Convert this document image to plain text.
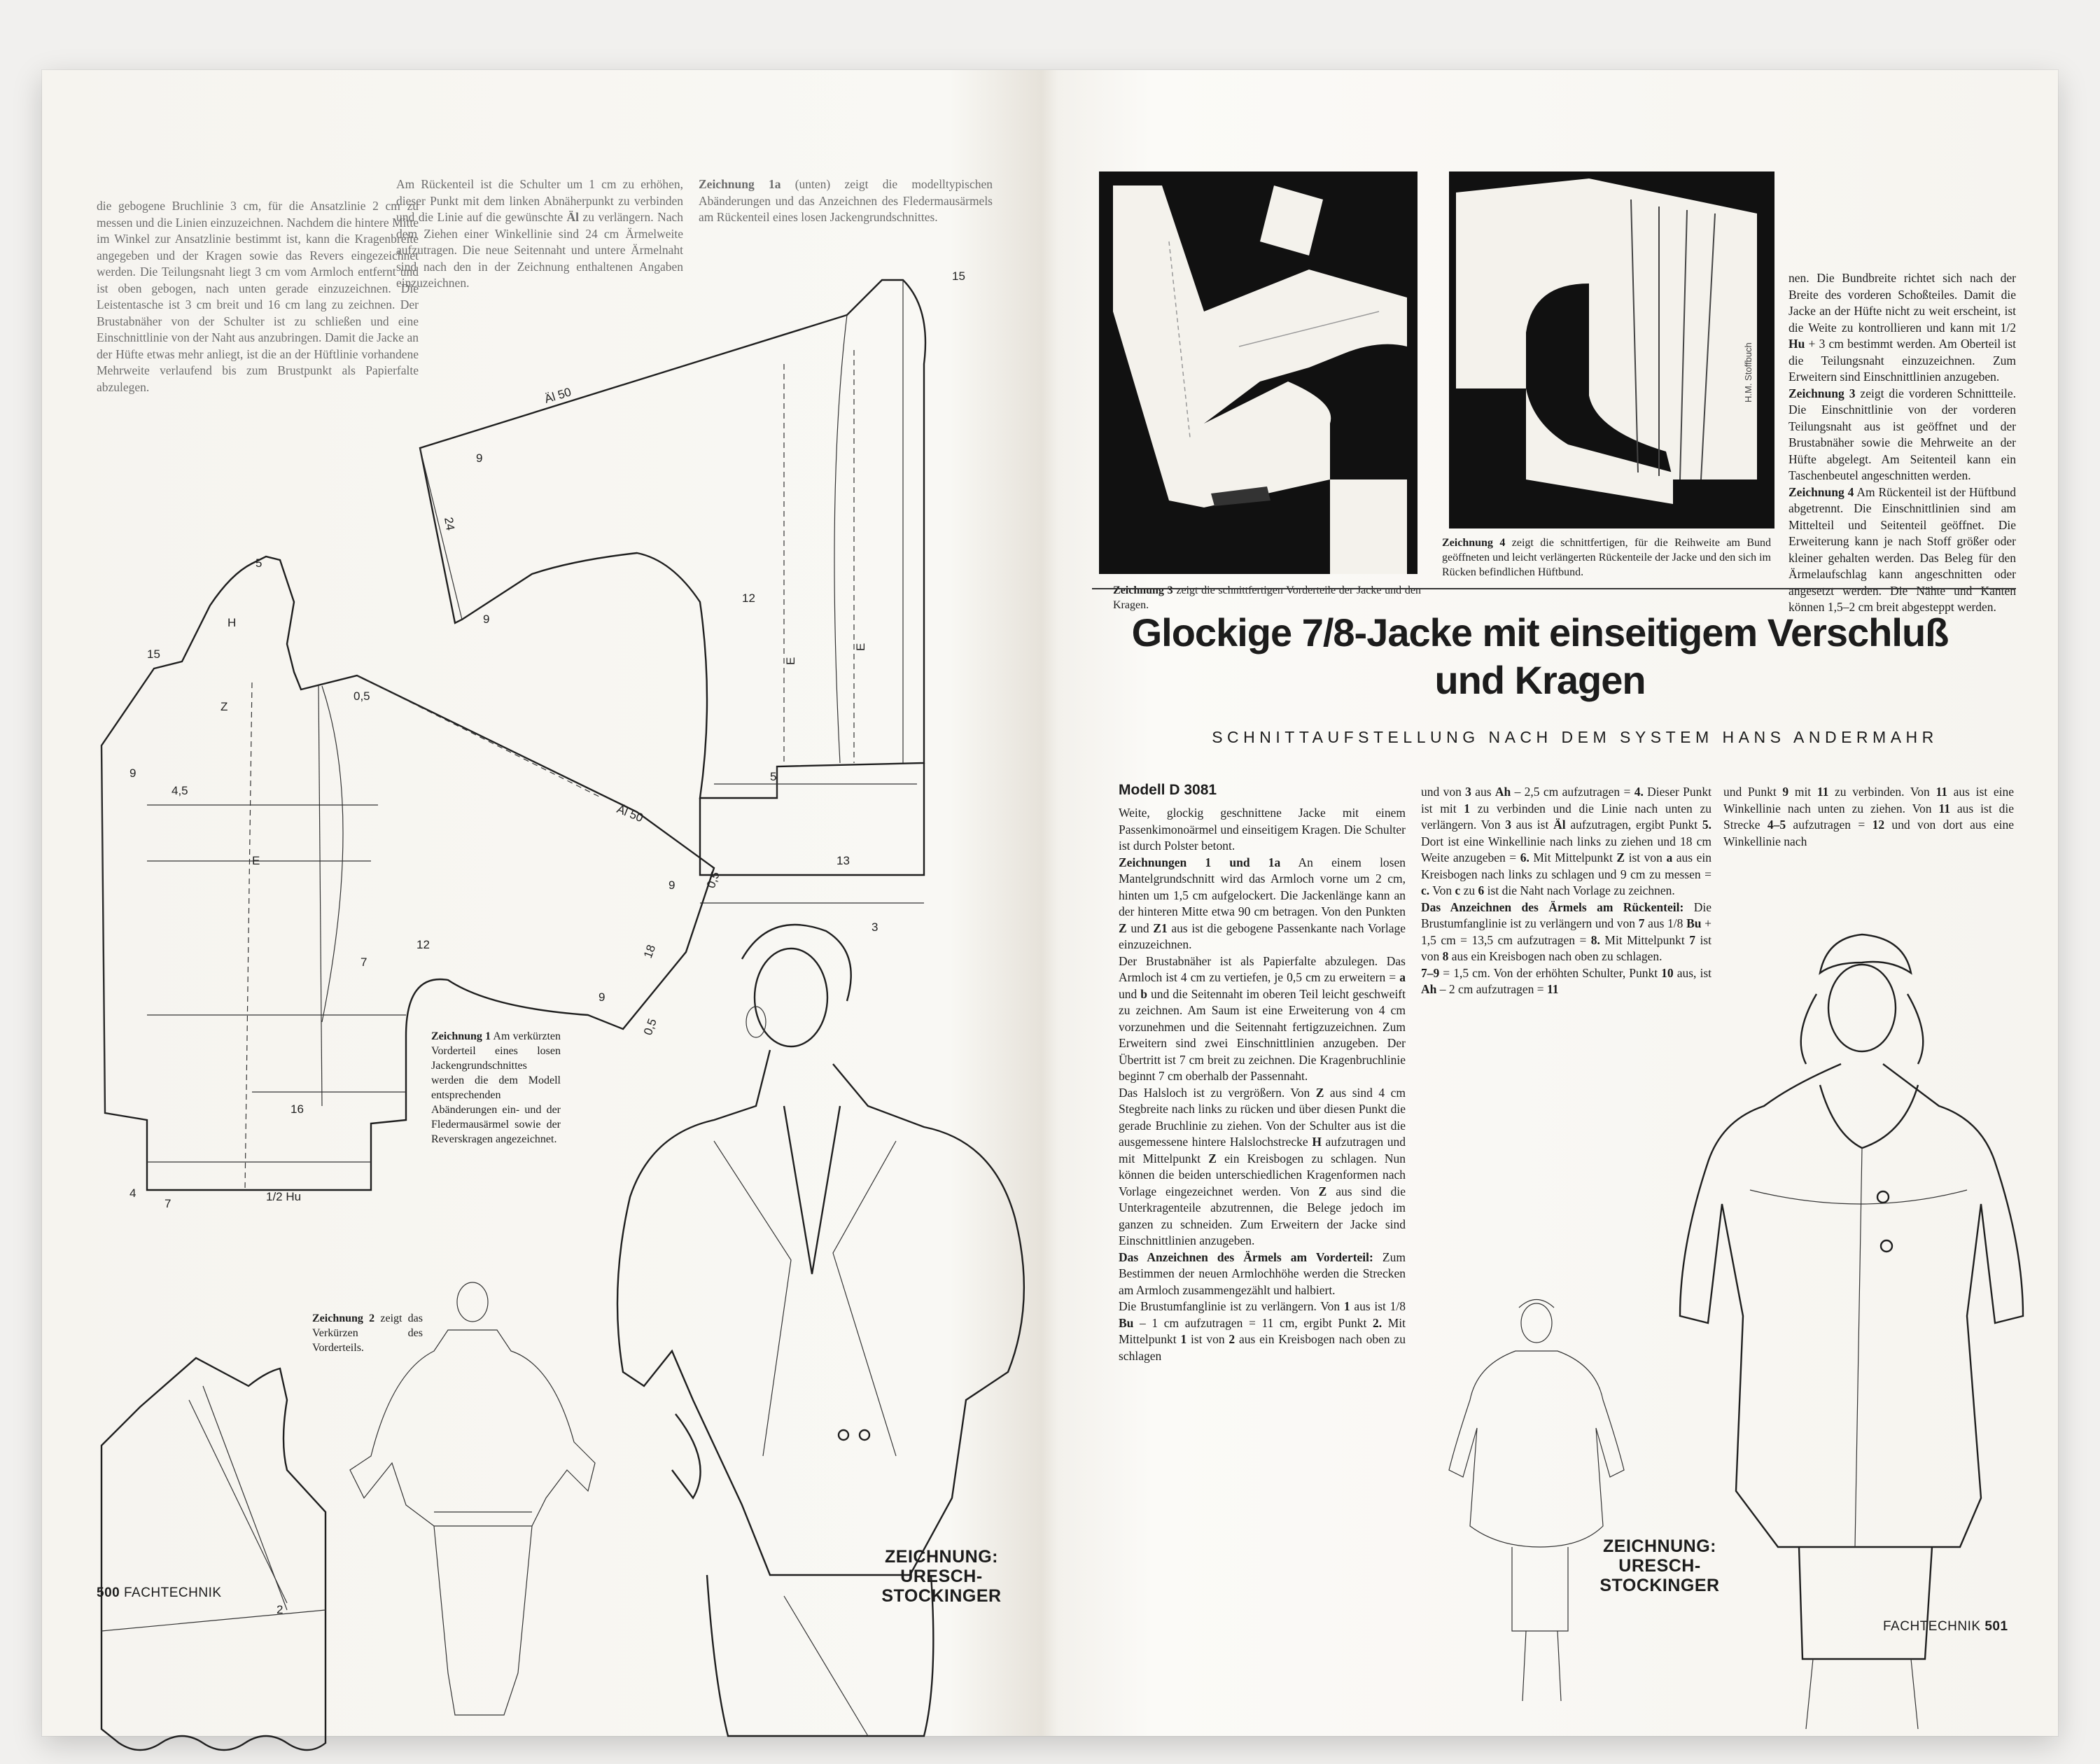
die gebogene Bruchlinie 3 cm, für die Ansatzlinie 2 cm zu messen und die Linien einzuzeichnen. Nachdem die hintere Mitte im Winkel zur Ansatzlinie bestimmt ist, kann die Kragenbreite angegeben und der Kragen sowie das Revers eingezeichnet werden. Die Teilungsnaht liegt 3 cm vom Armloch entfernt und ist oben gebogen, nach unten gerade einzuzeichnen. Die Leistentasche ist 3 cm breit und 16 cm lang zu zeichnen. Der Brustabnäher von der Schulter ist zu schließen und eine Einschnittlinie von der Naht aus anzubringen. Damit die Jacke an der Hüfte etwas mehr anliegt, ist die an der Hüftlinie vorhandene Mehrweite verlaufend bis zum Brustpunkt als Papierfalte abzulegen.

Am Rückenteil ist die Schulter um 1 cm zu erhöhen, dieser Punkt mit dem linken Abnäherpunkt zu verbinden und die Linie auf die gewünschte Äl zu verlängern. Nach dem Ziehen einer Winkellinie sind 24 cm Ärmelweite aufzutragen. Die neue Seitennaht und untere Ärmelnaht sind nach den in der Zeichnung enthaltenen Angaben einzuzeichnen.

Zeichnung 1a (unten) zeigt die modelltypischen Abänderungen und das Anzeichnen des Fledermausärmels am Rückenteil eines losen Jackengrundschnittes.

Äl 50
15
24
9
9
12
E
E
13
3
5
Äl 50
9
9
18
0,5
0,5
12
16
1/2 Hu
7
4
9
4,5
Z
H
5
E
0,5
7
15
2
Zeichnung 1 Am verkürzten Vorderteil eines losen Jackengrundschnittes werden die dem Modell entsprechenden Abänderungen ein- und der Fledermausärmel sowie der Reverskragen angezeichnet.
Zeichnung 2 zeigt das Verkürzen des Vorderteils.
ZEICHNUNG:
URESCH-
STOCKINGER
500 FACHTECHNIK
H.M. Stoffbuch
Zeichnung 3 zeigt die schnittfertigen Vorderteile der Jacke und den Kragen.
Zeichnung 4 zeigt die schnittfertigen, für die Reihweite am Bund geöffneten und leicht verlängerten Rückenteile der Jacke und den sich im Rücken befindlichen Hüftbund.

nen. Die Bundbreite richtet sich nach der Breite des vorderen Schoßteiles. Damit die Jacke an der Hüfte nicht zu weit erscheint, ist die Weite zu kontrollieren und kann mit 1/2 Hu + 3 cm bestimmt werden. Am Oberteil ist die Teilungsnaht einzuzeichnen. Zum Erweitern sind Einschnittlinien anzugeben.

Zeichnung 3 zeigt die vorderen Schnittteile. Die Einschnittlinie von der vorderen Teilungsnaht aus ist geöffnet und der Brustabnäher sowie die Mehrweite an der Hüfte abgelegt. Am Seitenteil kann ein Taschenbeutel angeschnitten werden.

Zeichnung 4 Am Rückenteil ist der Hüftbund abgetrennt. Die Einschnittlinien sind am Mittelteil und Seitenteil geöffnet. Die Erweiterung kann je nach Stoff größer oder kleiner gehalten werden. Das Beleg für den Ärmelaufschlag kann angeschnitten oder angesetzt werden. Die Nähte und Kanten können 1,5–2 cm breit abgesteppt werden.

Glockige 7/8-Jacke mit einseitigem Verschluß und Kragen
SCHNITTAUFSTELLUNG NACH DEM SYSTEM HANS ANDERMAHR
Modell D 3081

Weite, glockig geschnittene Jacke mit einem Passenkimonoärmel und einseitigem Kragen. Die Schulter ist durch Polster betont.

Zeichnungen 1 und 1a An einem losen Mantelgrundschnitt wird das Armloch vorne um 2 cm, hinten um 1,5 cm aufgelockert. Die Jackenlänge kann an der hinteren Mitte etwa 90 cm betragen. Von den Punkten Z und Z1 aus ist die gebogene Passenkante nach Vorlage einzuzeichnen.

Der Brustabnäher ist als Papierfalte abzulegen. Das Armloch ist 4 cm zu vertiefen, je 0,5 cm zu erweitern = a und b und die Seitennaht im oberen Teil leicht geschweift zu zeichnen. Am Saum ist eine Erweiterung von 4 cm vorzunehmen und die Seitennaht fertigzuzeichnen. Zum Erweitern sind zwei Einschnittlinien anzugeben. Der Übertritt ist 7 cm breit zu zeichnen. Die Kragenbruchlinie beginnt 7 cm oberhalb der Passennaht.

Das Halsloch ist zu vergrößern. Von Z aus sind 4 cm Stegbreite nach links zu rücken und über diesen Punkt die gerade Bruchlinie zu ziehen. Von der Schulter aus ist die ausgemessene hintere Halslochstrecke H aufzutragen und mit Mittelpunkt Z ein Kreisbogen zu schlagen. Nun können die beiden unterschiedlichen Kragenformen nach Vorlage eingezeichnet werden. Von Z aus sind die Unterkragenteile abzutrennen, die Belege jedoch im ganzen zu schneiden. Zum Erweitern der Jacke sind Einschnittlinien anzugeben.

Das Anzeichnen des Ärmels am Vorderteil: Zum Bestimmen der neuen Armlochhöhe werden die Strecken am Armloch zusammengezählt und halbiert.

Die Brustumfanglinie ist zu verlängern. Von 1 aus ist 1/8 Bu – 1 cm aufzutragen = 11 cm, ergibt Punkt 2. Mit Mittelpunkt 1 ist von 2 aus ein Kreisbogen nach oben zu schlagen

und von 3 aus Ah – 2,5 cm aufzutragen = 4. Dieser Punkt ist mit 1 zu verbinden und die Linie nach unten zu verlängern. Von 3 aus ist Äl aufzutragen, ergibt Punkt 5. Dort ist eine Winkellinie nach links zu ziehen und 18 cm Weite anzugeben = 6. Mit Mittelpunkt Z ist von a aus ein Kreisbogen nach links zu schlagen und 9 cm zu messen = c. Von c zu 6 ist die Naht nach Vorlage zu zeichnen.

Das Anzeichnen des Ärmels am Rückenteil: Die Brustumfanglinie ist zu verlängern und von 7 aus 1/8 Bu + 1,5 cm = 13,5 cm aufzutragen = 8. Mit Mittelpunkt 7 ist von 8 aus ein Kreisbogen nach oben zu schlagen.

7–9 = 1,5 cm. Von der erhöhten Schulter, Punkt 10 aus, ist Ah – 2 cm aufzutragen = 11

und Punkt 9 mit 11 zu verbinden. Von 11 aus ist eine Winkellinie nach unten zu ziehen. Von 11 aus ist die Strecke 4–5 aufzutragen = 12 und von dort aus eine Winkellinie nach

ZEICHNUNG:
URESCH-
STOCKINGER
FACHTECHNIK 501
